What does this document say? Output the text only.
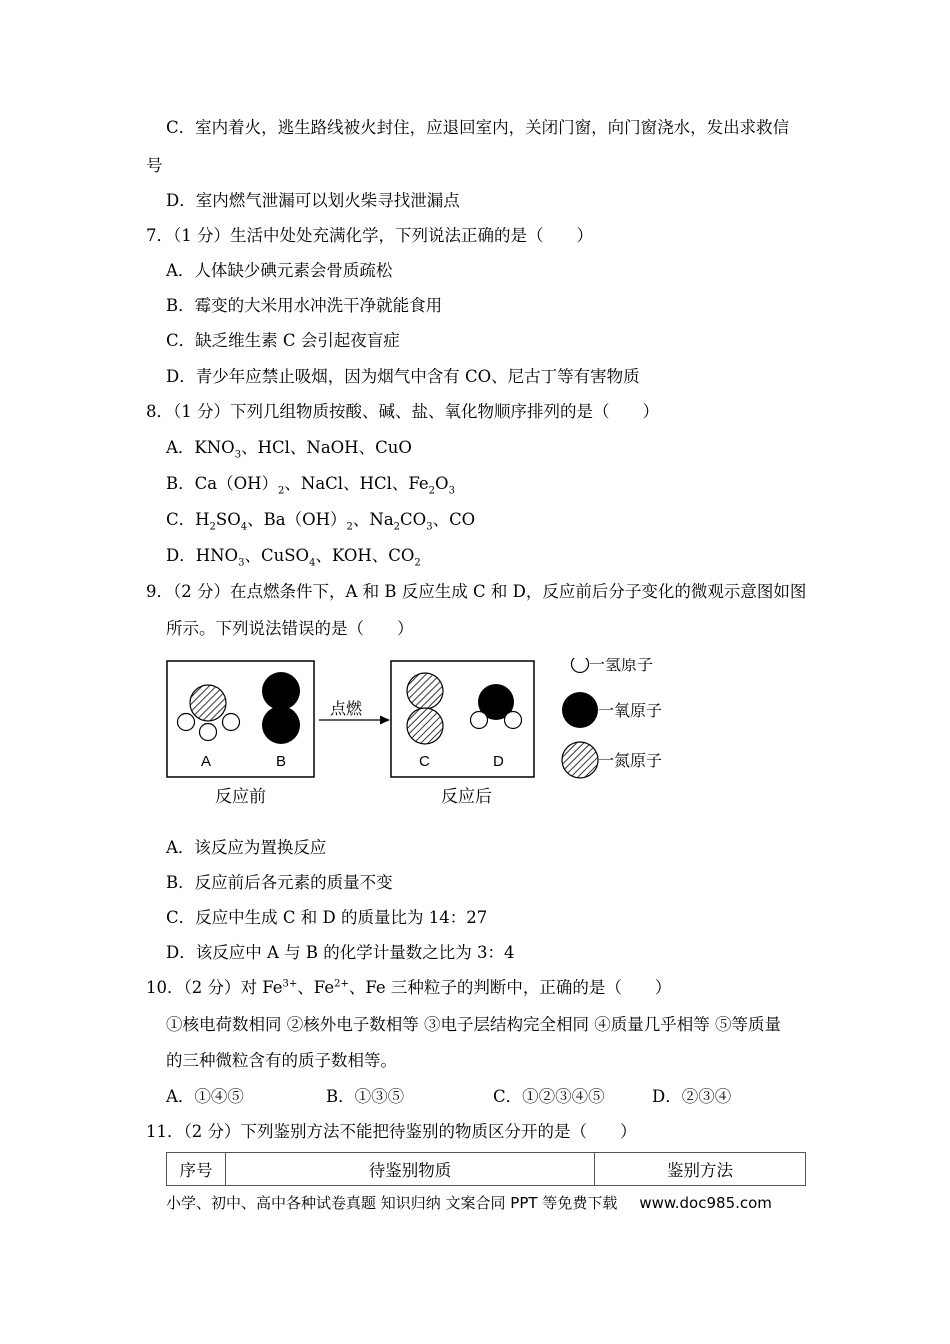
C．室内着火，逃生路线被火封住，应退回室内，关闭门窗，向门窗浇水，发出求救信
号
D．室内燃气泄漏可以划火柴寻找泄漏点
7．（1 分）生活中处处充满化学，下列说法正确的是（　　）
A．人体缺少碘元素会骨质疏松
B．霉变的大米用水冲洗干净就能食用
C．缺乏维生素 C 会引起夜盲症
D．青少年应禁止吸烟，因为烟气中含有 CO、尼古丁等有害物质
8．（1 分）下列几组物质按酸、碱、盐、氧化物顺序排列的是（　　）
A．$KNO_3$、HCl、NaOH、CuO
B．$Ca(OH)_2$、NaCl、HCl、$Fe_2O_3$
C．$H_2SO_4$、$Ba(OH)_2$、$Na_2CO_3$、CO
D．$HNO_3$、CuSO$_4$、KOH、$CO_2$
9．（2 分）在点燃条件下，A 和 B 反应生成 C 和 D，反应前后分子变化的微观示意图如图
所示。下列说法错误的是（　　）
A	B
点燃
C	D
反应前	反应后
一氢原子
一氧原子
一氮原子
A．该反应为置换反应
B．反应前后各元素的质量不变
C．反应中生成 C 和 D 的质量比为 14：27
D．该反应中 A 与 B 的化学计量数之比为 3：4
10．（2 分）对 $Fe^{3+}$、$Fe^{2+}$、Fe 三种粒子的判断中，正确的是（　　）
①核电荷数相同 ②核外电子数相等 ③电子层结构完全相同 ④质量几乎相等 ⑤等质量
的三种微粒含有的质子数相等。
A．①④⑤	B．①③⑤	C．①②③④⑤	D．②③④
11．（2 分）下列鉴别方法不能把待鉴别的物质区分开的是（　　）
序号	待鉴别物质	鉴别方法
小学、初中、高中各种试卷真题 知识归纳 文案合同 PPT 等免费下载 www.doc985.com
